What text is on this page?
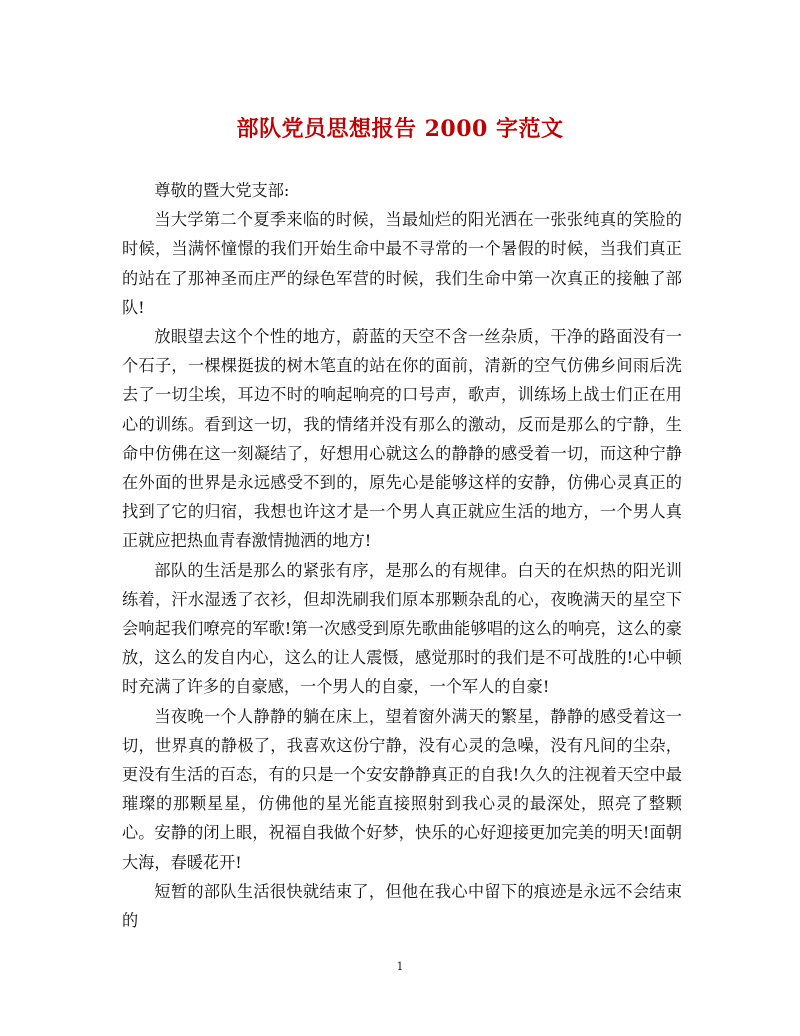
部队党员思想报告 2000 字范文

尊敬的暨大党支部:

当大学第二个夏季来临的时候，当最灿烂的阳光洒在一张张纯真的笑脸的时候，当满怀憧憬的我们开始生命中最不寻常的一个暑假的时候，当我们真正的站在了那神圣而庄严的绿色军营的时候，我们生命中第一次真正的接触了部队!

放眼望去这个个性的地方，蔚蓝的天空不含一丝杂质，干净的路面没有一个石子，一棵棵挺拔的树木笔直的站在你的面前，清新的空气仿佛乡间雨后洗去了一切尘埃，耳边不时的响起响亮的口号声，歌声，训练场上战士们正在用心的训练。看到这一切，我的情绪并没有那么的激动，反而是那么的宁静，生命中仿佛在这一刻凝结了，好想用心就这么的静静的感受着一切，而这种宁静在外面的世界是永远感受不到的，原先心是能够这样的安静，仿佛心灵真正的找到了它的归宿，我想也许这才是一个男人真正就应生活的地方，一个男人真正就应把热血青春激情抛洒的地方!

部队的生活是那么的紧张有序，是那么的有规律。白天的在炽热的阳光训练着，汗水湿透了衣衫，但却洗刷我们原本那颗杂乱的心，夜晚满天的星空下会响起我们嘹亮的军歌!第一次感受到原先歌曲能够唱的这么的响亮，这么的豪放，这么的发自内心，这么的让人震慑，感觉那时的我们是不可战胜的!心中顿时充满了许多的自豪感，一个男人的自豪，一个军人的自豪!

当夜晚一个人静静的躺在床上，望着窗外满天的繁星，静静的感受着这一切，世界真的静极了，我喜欢这份宁静，没有心灵的急噪，没有凡间的尘杂，更没有生活的百态，有的只是一个安安静静真正的自我!久久的注视着天空中最璀璨的那颗星星，仿佛他的星光能直接照射到我心灵的最深处，照亮了整颗心。安静的闭上眼，祝福自我做个好梦，快乐的心好迎接更加完美的明天!面朝大海，春暖花开!

短暂的部队生活很快就结束了，但他在我心中留下的痕迹是永远不会结束的

1
